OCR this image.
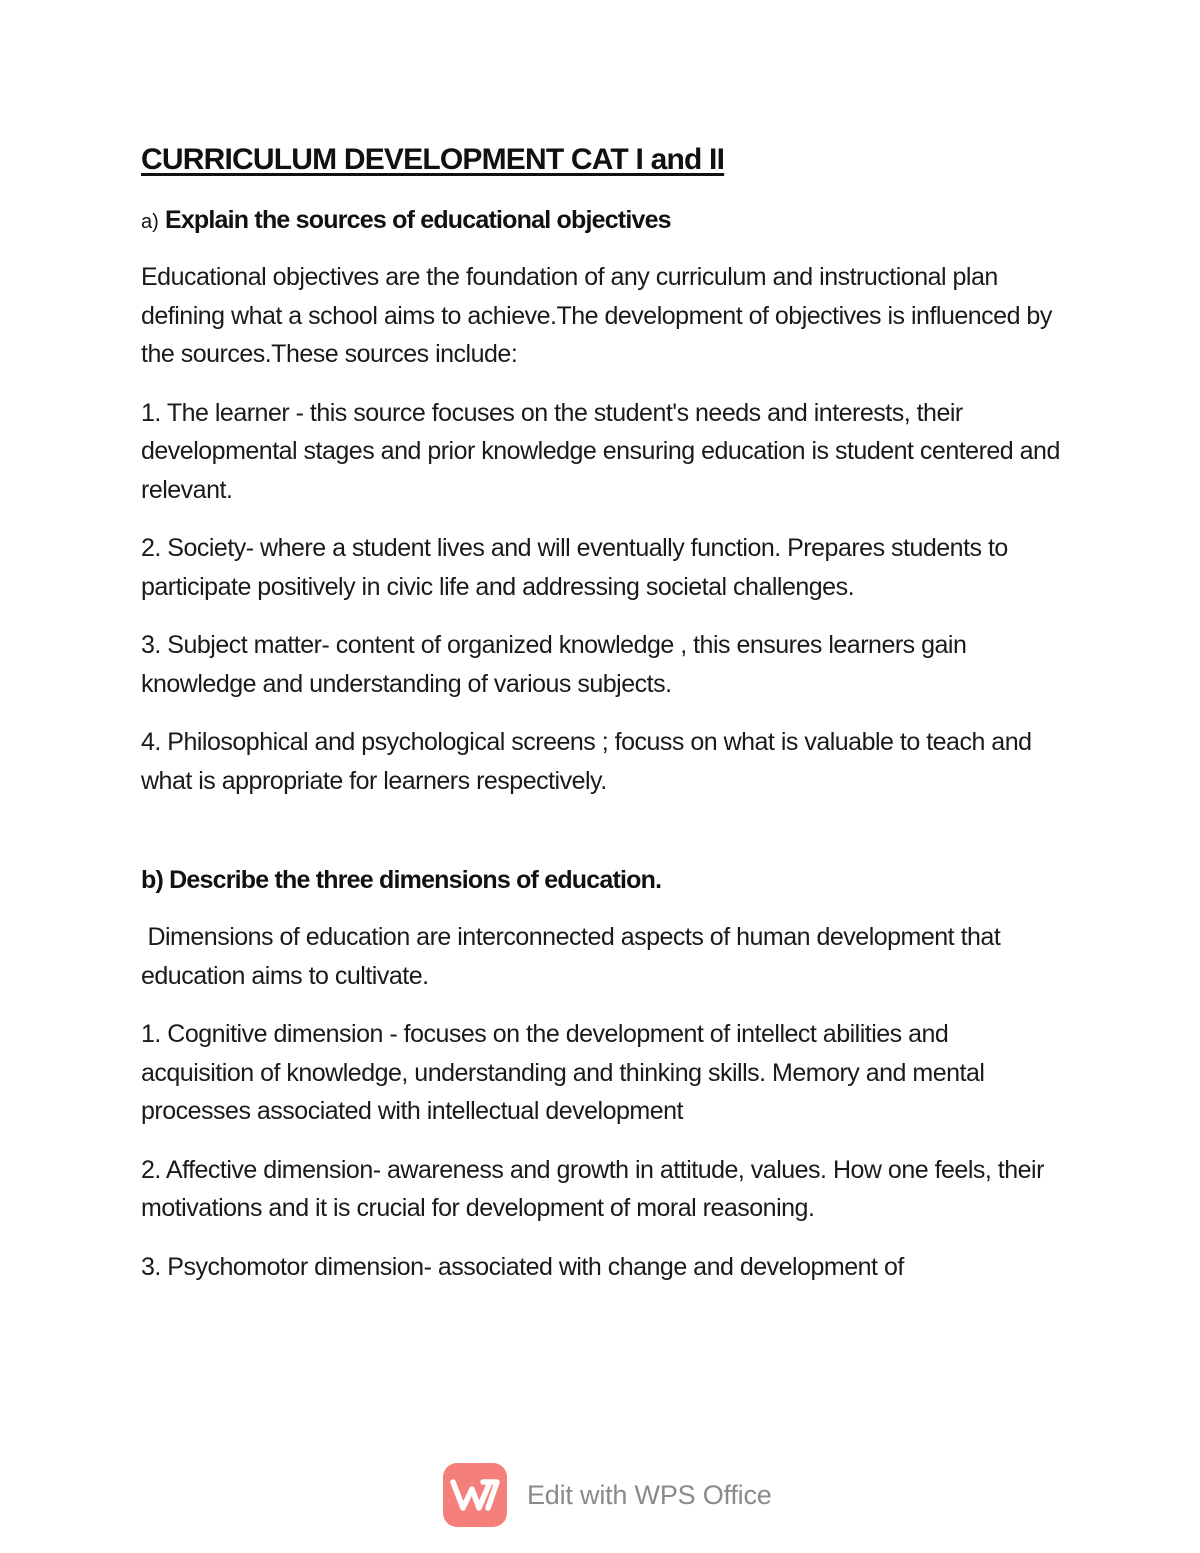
CURRICULUM DEVELOPMENT CAT I and II
a) Explain the sources of educational objectives

Educational objectives are the foundation of any curriculum and instructional plan defining what a school aims to achieve.The development of objectives is influenced by the sources.These sources include:

1. The learner - this source focuses on the student's needs and interests, their developmental stages and prior knowledge ensuring education is student centered and relevant.

2. Society- where a student lives and will eventually function. Prepares students to participate positively in civic life and addressing societal challenges.

3. Subject matter- content of organized knowledge , this ensures learners gain knowledge and understanding of various subjects.

4. Philosophical and psychological screens ; focuss on what is valuable to teach and what is appropriate for learners respectively.

b) Describe the three dimensions of education.

Dimensions of education are interconnected aspects of human development that education aims to cultivate.

1. Cognitive dimension - focuses on the development of intellect abilities and acquisition of knowledge, understanding and thinking skills. Memory and mental processes associated with intellectual development

2. Affective dimension- awareness and growth in attitude, values. How one feels, their motivations and it is crucial for development of moral reasoning.

3. Psychomotor dimension- associated with change and development of

Edit with WPS Office
